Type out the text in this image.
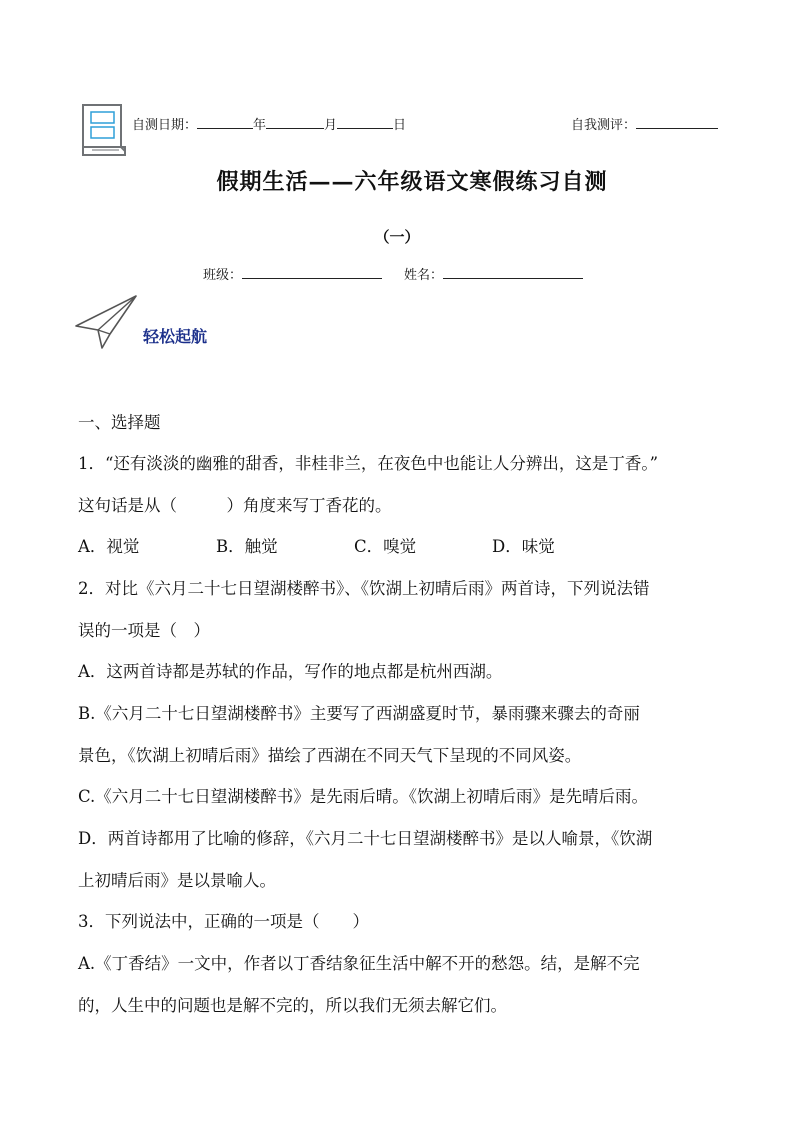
自测日期：	年	月	日	自我测评：
假期生活——六年级语文寒假练习自测
（一）
班级：	姓名：
轻松起航
一、选择题
1．“还有淡淡的幽雅的甜香，非桂非兰，在夜色中也能让人分辨出，这是丁香。”
这句话是从（　　　）角度来写丁香花的。
A．视觉	B．触觉	C．嗅觉	D．味觉
2．对比《六月二十七日望湖楼醉书》、《饮湖上初晴后雨》两首诗，下列说法错
误的一项是（　）
A．这两首诗都是苏轼的作品，写作的地点都是杭州西湖。
B.《六月二十七日望湖楼醉书》主要写了西湖盛夏时节，暴雨骤来骤去的奇丽
景色，《饮湖上初晴后雨》描绘了西湖在不同天气下呈现的不同风姿。
C.《六月二十七日望湖楼醉书》是先雨后晴。《饮湖上初晴后雨》是先晴后雨。
D．两首诗都用了比喻的修辞，《六月二十七日望湖楼醉书》是以人喻景，《饮湖
上初晴后雨》是以景喻人。
3．下列说法中，正确的一项是（　　）
A.《丁香结》一文中，作者以丁香结象征生活中解不开的愁怨。结，是解不完
的，人生中的问题也是解不完的，所以我们无须去解它们。
